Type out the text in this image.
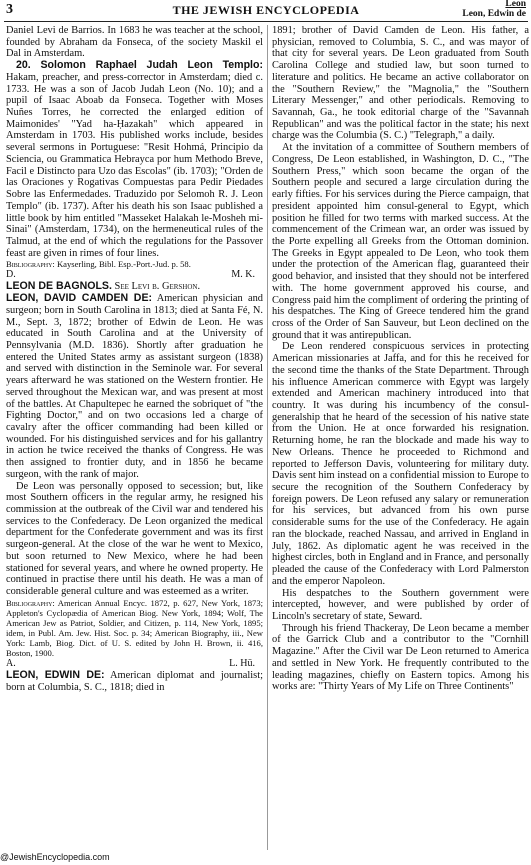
3	THE JEWISH ENCYCLOPEDIA	Leon
Leon, Edwin de

Daniel Levi de Barrios. In 1683 he was teacher at the school, founded by Abraham da Fonseca, of the society Maskil el Dal in Amsterdam.

20. Solomon Raphael Judah Leon Templo: Hakam, preacher, and press-corrector in Amsterdam; died c. 1733. He was a son of Jacob Judah Leon (No. 10); and a pupil of Isaac Aboab da Fonseca. Together with Moses Nuñes Torres, he corrected the enlarged edition of Maimonides' "Yad ha-Ḥazakah" which appeared in Amsterdam in 1703. His published works include, besides several sermons in Portuguese: "Resit Hohmá, Principio da Sciencia, ou Grammatica Hebrayca por hum Methodo Breve, Facil e Distincto para Uzo das Escolas" (ib. 1703); "Orden de las Oraciones y Rogativas Compuestas para Pedir Piedades Sobre las Enfermedades. Traduzido por Selomoh R. J. Leon Templo" (ib. 1737). After his death his son Isaac published a little book by him entitled "Masseket Halakah le-Mosheh mi-Sinai" (Amsterdam, 1734), on the hermeneutical rules of the Talmud, at the end of which the regulations for the Passover feast are given in rimes of four lines.

Bibliography: Kayserling, Bibl. Esp.-Port.-Jud. p. 58.

D.	M. K.

LEON DE BAGNOLS. See Levi b. Gershon.

LEON, DAVID CAMDEN DE: American physician and surgeon; born in South Carolina in 1813; died at Santa Fé, N. M., Sept. 3, 1872; brother of Edwin de Leon. He was educated in South Carolina and at the University of Pennsylvania (M.D. 1836). Shortly after graduation he entered the United States army as assistant surgeon (1838) and served with distinction in the Seminole war. For several years afterward he was stationed on the Western frontier. He served throughout the Mexican war, and was present at most of the battles. At Chapultepec he earned the sobriquet of "the Fighting Doctor," and on two occasions led a charge of cavalry after the officer commanding had been killed or wounded. For his distinguished services and for his gallantry in action he twice received the thanks of Congress. He was then assigned to frontier duty, and in 1856 he became surgeon, with the rank of major.

De Leon was personally opposed to secession; but, like most Southern officers in the regular army, he resigned his commission at the outbreak of the Civil war and tendered his services to the Confederacy. De Leon organized the medical department for the Confederate government and was its first surgeon-general. At the close of the war he went to Mexico, but soon returned to New Mexico, where he had been stationed for several years, and where he owned property. He continued in practise there until his death. He was a man of considerable general culture and was esteemed as a writer.

Bibliography: American Annual Encyc. 1872, p. 627, New York, 1873; Appleton's Cyclopædia of American Biog. New York, 1894; Wolf, The American Jew as Patriot, Soldier, and Citizen, p. 114, New York, 1895; idem, in Publ. Am. Jew. Hist. Soc. p. 34; American Biography, iii., New York: Lamb, Biog. Dict. of U. S. edited by John H. Brown, ii. 416, Boston, 1900.

A.	L. Hü.

LEON, EDWIN DE: American diplomat and journalist; born at Columbia, S. C., 1818; died in

1891; brother of David Camden de Leon. His father, a physician, removed to Columbia, S. C., and was mayor of that city for several years. De Leon graduated from South Carolina College and studied law, but soon turned to literature and politics. He became an active collaborator on the "Southern Review," the "Magnolia," the "Southern Literary Messenger," and other periodicals. Removing to Savannah, Ga., he took editorial charge of the "Savannah Republican" and was the political factor in the state; his next charge was the Columbia (S. C.) "Telegraph," a daily.

At the invitation of a committee of Southern members of Congress, De Leon established, in Washington, D. C., "The Southern Press," which soon became the organ of the Southern people and secured a large circulation during the early fifties. For his services during the Pierce campaign, that president appointed him consul-general to Egypt, which position he filled for two terms with marked success. At the commencement of the Crimean war, an order was issued by the Porte expelling all Greeks from the Ottoman dominion. The Greeks in Egypt appealed to De Leon, who took them under the protection of the American flag, guaranteed their good behavior, and insisted that they should not be interfered with. The home government approved his course, and Congress paid him the compliment of ordering the printing of his despatches. The King of Greece tendered him the grand cross of the Order of San Sauveur, but Leon declined on the ground that it was antirepublican.

De Leon rendered conspicuous services in protecting American missionaries at Jaffa, and for this he received for the second time the thanks of the State Department. Through his influence American commerce with Egypt was largely extended and American machinery introduced into that country. It was during his incumbency of the consul-generalship that he heard of the secession of his native state from the Union. He at once forwarded his resignation. Returning home, he ran the blockade and made his way to New Orleans. Thence he proceeded to Richmond and reported to Jefferson Davis, volunteering for military duty. Davis sent him instead on a confidential mission to Europe to secure the recognition of the Southern Confederacy by foreign powers. De Leon refused any salary or remuneration for his services, but advanced from his own purse considerable sums for the use of the Confederacy. He again ran the blockade, reached Nassau, and arrived in England in July, 1862. As diplomatic agent he was received in the highest circles, both in England and in France, and personally pleaded the cause of the Confederacy with Lord Palmerston and the emperor Napoleon.

His despatches to the Southern government were intercepted, however, and were published by order of Lincoln's secretary of state, Seward.

Through his friend Thackeray, De Leon became a member of the Garrick Club and a contributor to the "Cornhill Magazine." After the Civil war De Leon returned to America and settled in New York. He frequently contributed to the leading magazines, chiefly on Eastern topics. Among his works are: "Thirty Years of My Life on Three Continents"

@JewishEncyclopedia.com
